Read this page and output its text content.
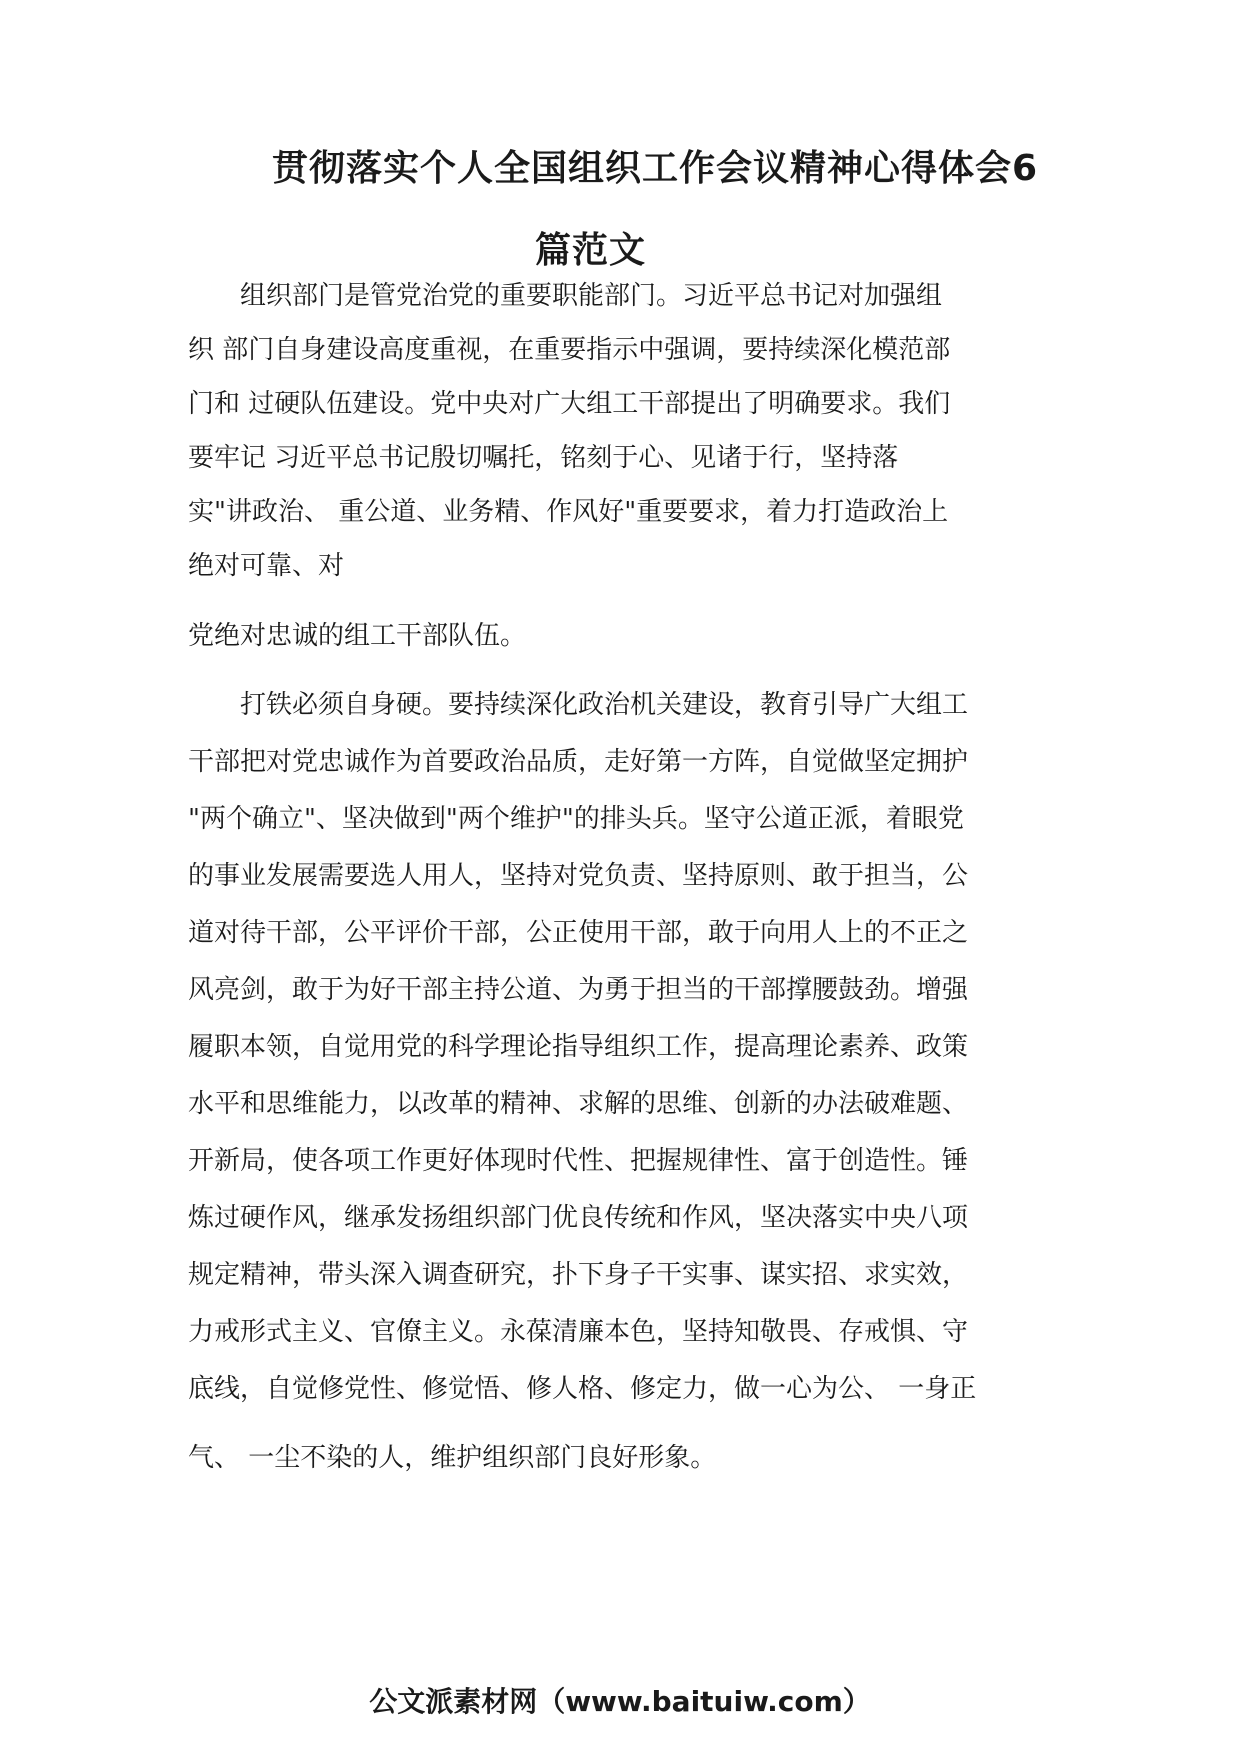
贯彻落实个人全国组织工作会议精神心得体会6
篇范文
组织部门是管党治党的重要职能部门。习近平总书记对加强组
织 部门自身建设高度重视，在重要指示中强调，要持续深化模范部
门和 过硬队伍建设。党中央对广大组工干部提出了明确要求。我们
要牢记 习近平总书记殷切嘱托，铭刻于心、见诸于行，坚持落
实"讲政治、 重公道、业务精、作风好"重要要求，着力打造政治上
绝对可靠、对
党绝对忠诚的组工干部队伍。
打铁必须自身硬。要持续深化政治机关建设，教育引导广大组工
干部把对党忠诚作为首要政治品质，走好第一方阵，自觉做坚定拥护
"两个确立"、坚决做到"两个维护"的排头兵。坚守公道正派，着眼党
的事业发展需要选人用人，坚持对党负责、坚持原则、敢于担当，公
道对待干部，公平评价干部，公正使用干部，敢于向用人上的不正之
风亮剑，敢于为好干部主持公道、为勇于担当的干部撑腰鼓劲。增强
履职本领，自觉用党的科学理论指导组织工作，提高理论素养、政策
水平和思维能力，以改革的精神、求解的思维、创新的办法破难题、
开新局，使各项工作更好体现时代性、把握规律性、富于创造性。锤
炼过硬作风，继承发扬组织部门优良传统和作风，坚决落实中央八项
规定精神，带头深入调查研究，扑下身子干实事、谋实招、求实效，
力戒形式主义、官僚主义。永葆清廉本色，坚持知敬畏、存戒惧、守
底线，自觉修党性、修觉悟、修人格、修定力，做一心为公、 一身正
气、 一尘不染的人，维护组织部门良好形象。
公文派素材网（www.baituiw.com）
